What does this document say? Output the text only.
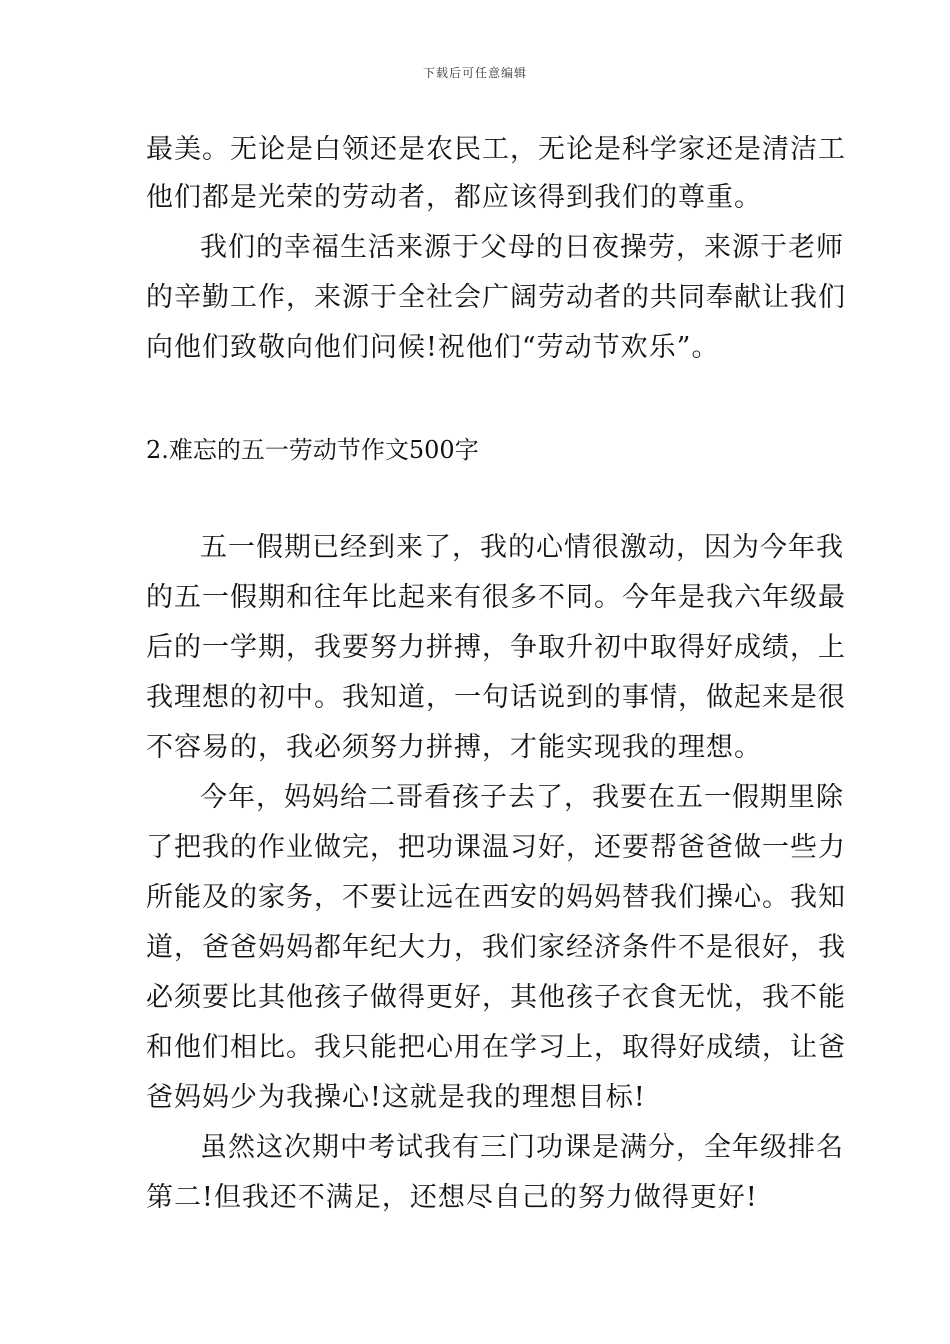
下载后可任意编辑
最美。无论是白领还是农民工，无论是科学家还是清洁工
他们都是光荣的劳动者，都应该得到我们的尊重。
我们的幸福生活来源于父母的日夜操劳，来源于老师
的辛勤工作，来源于全社会广阔劳动者的共同奉献让我们
向他们致敬向他们问候!祝他们“劳动节欢乐”。
2.难忘的五一劳动节作文500字
五一假期已经到来了，我的心情很激动，因为今年我
的五一假期和往年比起来有很多不同。今年是我六年级最
后的一学期，我要努力拼搏，争取升初中取得好成绩，上
我理想的初中。我知道，一句话说到的事情，做起来是很
不容易的，我必须努力拼搏，才能实现我的理想。
今年，妈妈给二哥看孩子去了，我要在五一假期里除
了把我的作业做完，把功课温习好，还要帮爸爸做一些力
所能及的家务，不要让远在西安的妈妈替我们操心。我知
道，爸爸妈妈都年纪大力，我们家经济条件不是很好，我
必须要比其他孩子做得更好，其他孩子衣食无忧，我不能
和他们相比。我只能把心用在学习上，取得好成绩，让爸
爸妈妈少为我操心!这就是我的理想目标!
虽然这次期中考试我有三门功课是满分，全年级排名
第二!但我还不满足，还想尽自己的努力做得更好!
